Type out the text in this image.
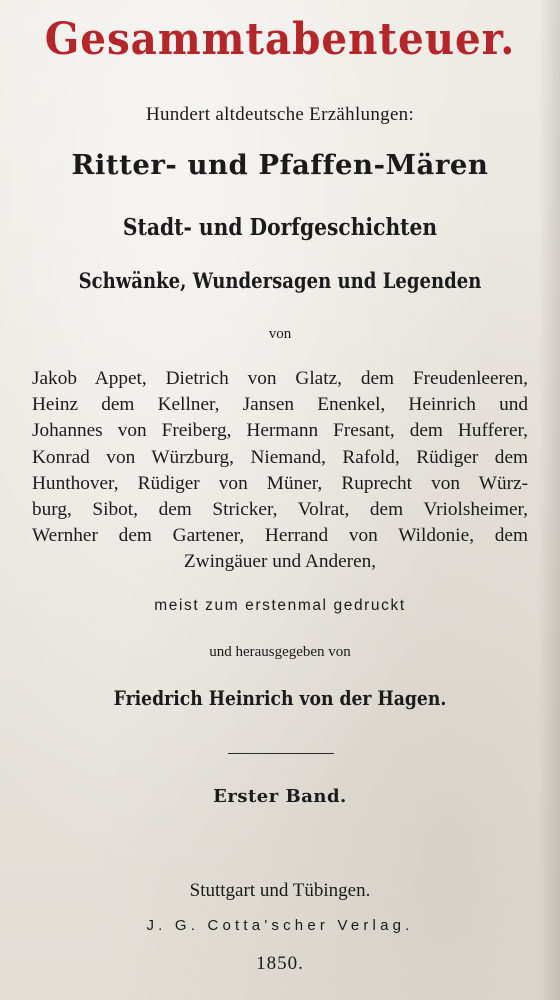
Gesammtabenteuer.
Hundert altdeutsche Erzählungen:
Ritter- und Pfaffen-Mären
Stadt- und Dorfgeschichten
Schwänke, Wundersagen und Legenden
von
Jakob Appet, Dietrich von Glatz, dem Freudenleeren,
Heinz dem Kellner, Jansen Enenkel, Heinrich und
Johannes von Freiberg, Hermann Fresant, dem Hufferer,
Konrad von Würzburg, Niemand, Rafold, Rüdiger dem
Hunthover, Rüdiger von Müner, Ruprecht von Würz-
burg, Sibot, dem Stricker, Volrat, dem Vriolsheimer,
Wernher dem Gartener, Herrand von Wildonie, dem
Zwingäuer und Anderen,
meist zum erstenmal gedruckt
und herausgegeben von
Friedrich Heinrich von der Hagen.
Erster Band.
Stuttgart und Tübingen.
J. G. Cotta'scher Verlag.
1850.
